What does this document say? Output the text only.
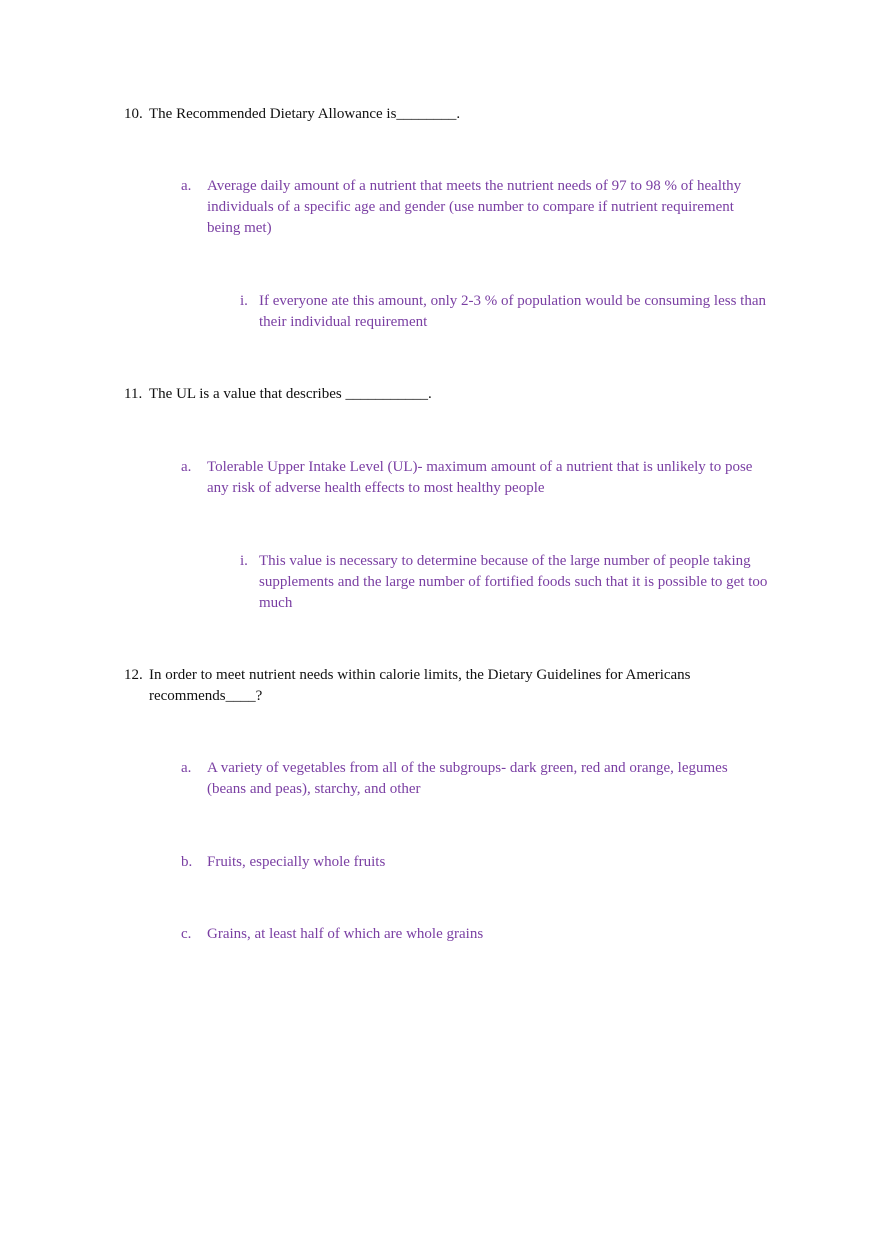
10. The Recommended Dietary Allowance is________.
a. Average daily amount of a nutrient that meets the nutrient needs of 97 to 98 % of healthy individuals of a specific age and gender (use number to compare if nutrient requirement being met)
i. If everyone ate this amount, only 2-3 % of population would be consuming less than their individual requirement
11. The UL is a value that describes ___________.
a. Tolerable Upper Intake Level (UL)- maximum amount of a nutrient that is unlikely to pose any risk of adverse health effects to most healthy people
i. This value is necessary to determine because of the large number of people taking supplements and the large number of fortified foods such that it is possible to get too much
12. In order to meet nutrient needs within calorie limits, the Dietary Guidelines for Americans recommends____?
a. A variety of vegetables from all of the subgroups- dark green, red and orange, legumes (beans and peas), starchy, and other
b. Fruits, especially whole fruits
c. Grains, at least half of which are whole grains
